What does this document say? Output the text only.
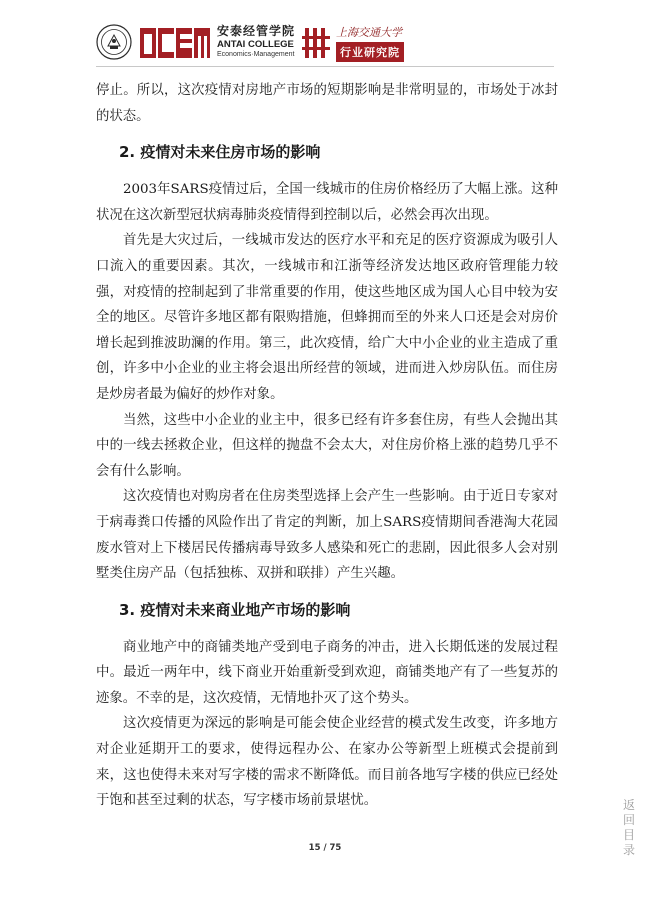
安泰经管学院
ANTAI COLLEGE
Economics·Management
上海交通大学
行业研究院

停止。所以，这次疫情对房地产市场的短期影响是非常明显的，市场处于冰封的状态。

2. 疫情对未来住房市场的影响

2003年SARS疫情过后，全国一线城市的住房价格经历了大幅上涨。这种状况在这次新型冠状病毒肺炎疫情得到控制以后，必然会再次出现。

首先是大灾过后，一线城市发达的医疗水平和充足的医疗资源成为吸引人口流入的重要因素。其次，一线城市和江浙等经济发达地区政府管理能力较强，对疫情的控制起到了非常重要的作用，使这些地区成为国人心目中较为安全的地区。尽管许多地区都有限购措施，但蜂拥而至的外来人口还是会对房价增长起到推波助澜的作用。第三，此次疫情，给广大中小企业的业主造成了重创，许多中小企业的业主将会退出所经营的领域，进而进入炒房队伍。而住房是炒房者最为偏好的炒作对象。

当然，这些中小企业的业主中，很多已经有许多套住房，有些人会抛出其中的一线去拯救企业，但这样的抛盘不会太大，对住房价格上涨的趋势几乎不会有什么影响。

这次疫情也对购房者在住房类型选择上会产生一些影响。由于近日专家对于病毒粪口传播的风险作出了肯定的判断，加上SARS疫情期间香港淘大花园废水管对上下楼居民传播病毒导致多人感染和死亡的悲剧，因此很多人会对别墅类住房产品（包括独栋、双拼和联排）产生兴趣。

3. 疫情对未来商业地产市场的影响

商业地产中的商铺类地产受到电子商务的冲击，进入长期低迷的发展过程中。最近一两年中，线下商业开始重新受到欢迎，商铺类地产有了一些复苏的迹象。不幸的是，这次疫情，无情地扑灭了这个势头。

这次疫情更为深远的影响是可能会使企业经营的模式发生改变，许多地方对企业延期开工的要求，使得远程办公、在家办公等新型上班模式会提前到来，这也使得未来对写字楼的需求不断降低。而目前各地写字楼的供应已经处于饱和甚至过剩的状态，写字楼市场前景堪忧。

15 / 75
返
回
目
录
